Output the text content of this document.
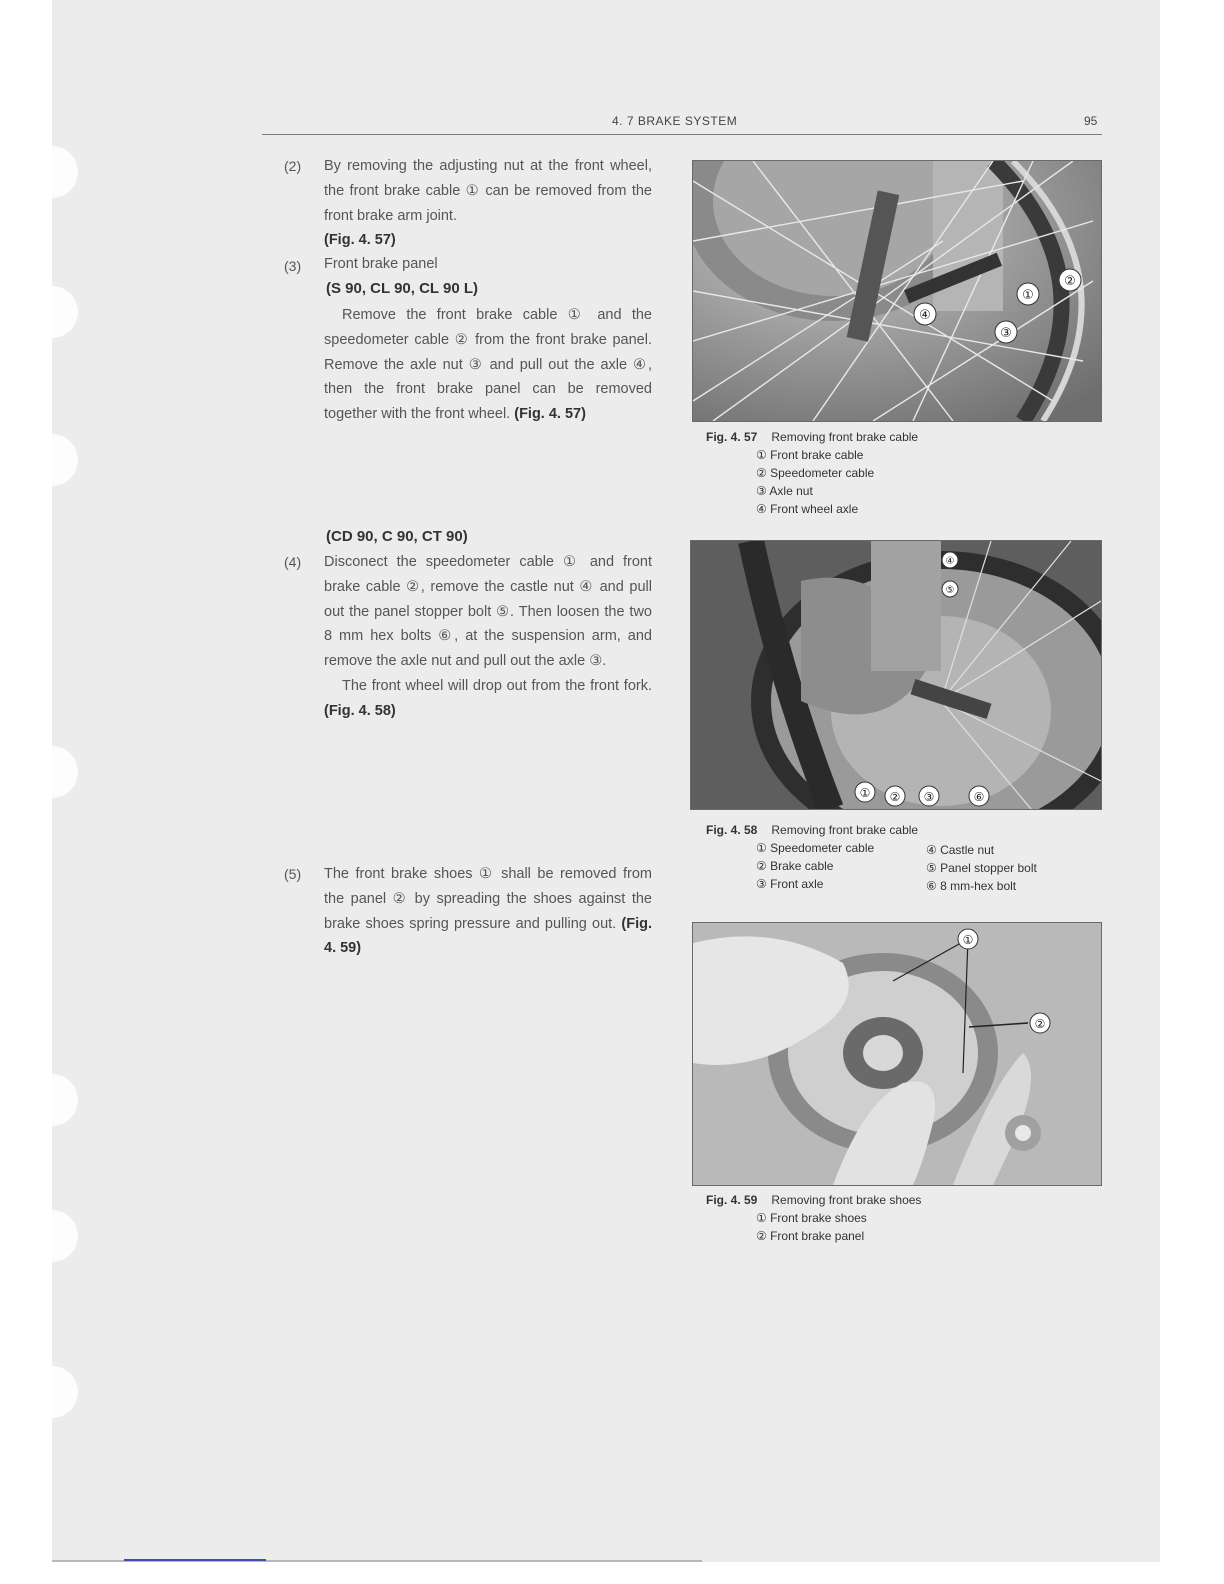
4. 7 BRAKE SYSTEM	95
(2) By removing the adjusting nut at the front wheel, the front brake cable ① can be removed from the front brake arm joint.
(Fig. 4. 57)
(3) Front brake panel
(S 90, CL 90, CL 90 L)
Remove the front brake cable ① and the speedometer cable ② from the front brake panel. Remove the axle nut ③ and pull out the axle ④, then the front brake panel can be removed together with the front wheel. (Fig. 4. 57)
(CD 90, C 90, CT 90)
(4) Disconect the speedometer cable ① and front brake cable ②, remove the castle nut ④ and pull out the panel stopper bolt ⑤. Then loosen the two 8 mm hex bolts ⑥, at the suspension arm, and remove the axle nut and pull out the axle ③.
The front wheel will drop out from the front fork. (Fig. 4. 58)
(5) The front brake shoes ① shall be removed from the panel ② by spreading the shoes against the brake shoes spring pressure and pulling out. (Fig. 4. 59)
④
①
②
③
Fig. 4. 57 Removing front brake cable
① Front brake cable
② Speedometer cable
③ Axle nut
④ Front wheel axle
④
⑤
① ② ③	⑥
Fig. 4. 58 Removing front brake cable
① Speedometer cable
② Brake cable
③ Front axle
④ Castle nut
⑤ Panel stopper bolt
⑥ 8 mm-hex bolt
①
②
Fig. 4. 59 Removing front brake shoes
① Front brake shoes
② Front brake panel
